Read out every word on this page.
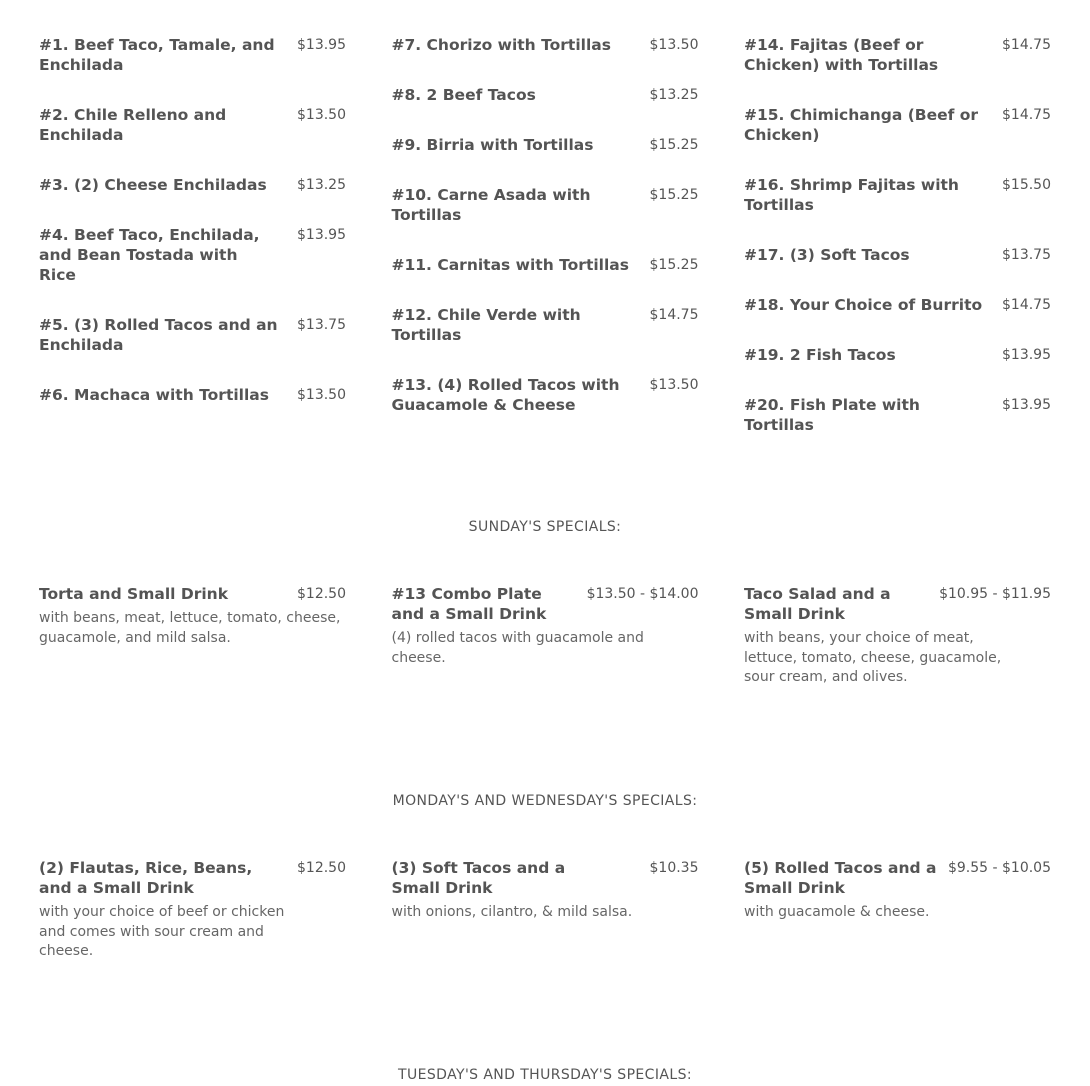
#1. Beef Taco, Tamale, and Enchilada
$13.95
#2. Chile Relleno and Enchilada
$13.50
#3. (2) Cheese Enchiladas	$13.25
#4. Beef Taco, Enchilada, and Bean Tostada with Rice
$13.95
#5. (3) Rolled Tacos and an Enchilada
$13.75
#6. Machaca with Tortillas	$13.50
#7. Chorizo with Tortillas	$13.50
#8. 2 Beef Tacos	$13.25
#9. Birria with Tortillas	$15.25
#10. Carne Asada with Tortillas
$15.25
#11. Carnitas with Tortillas $15.25
#12. Chile Verde with Tortillas
$14.75
#13. (4) Rolled Tacos with Guacamole & Cheese
$13.50
#14. Fajitas (Beef or Chicken) with Tortillas
$14.75
#15. Chimichanga (Beef or Chicken)
$14.75
#16. Shrimp Fajitas with Tortillas
$15.50
#17. (3) Soft Tacos	$13.75
#18. Your Choice of Burrito $14.75
#19. 2 Fish Tacos	$13.95
#20. Fish Plate with Tortillas
$13.95
SUNDAY'S SPECIALS:
Torta and Small Drink	$12.50
with beans, meat, lettuce, tomato, cheese, guacamole, and mild salsa.
#13 Combo Plate and a Small Drink
$13.50 - $14.00
(4) rolled tacos with guacamole and cheese.
Taco Salad and a Small Drink
$10.95 - $11.95
with beans, your choice of meat, lettuce, tomato, cheese, guacamole, sour cream, and olives.
MONDAY'S AND WEDNESDAY'S SPECIALS:
(2) Flautas, Rice, Beans, and a Small Drink
$12.50
with your choice of beef or chicken and comes with sour cream and cheese.
(3) Soft Tacos and a Small Drink
$10.35
with onions, cilantro, & mild salsa.
(5) Rolled Tacos and a Small Drink
$9.55 - $10.05
with guacamole & cheese.
TUESDAY'S AND THURSDAY'S SPECIALS:
